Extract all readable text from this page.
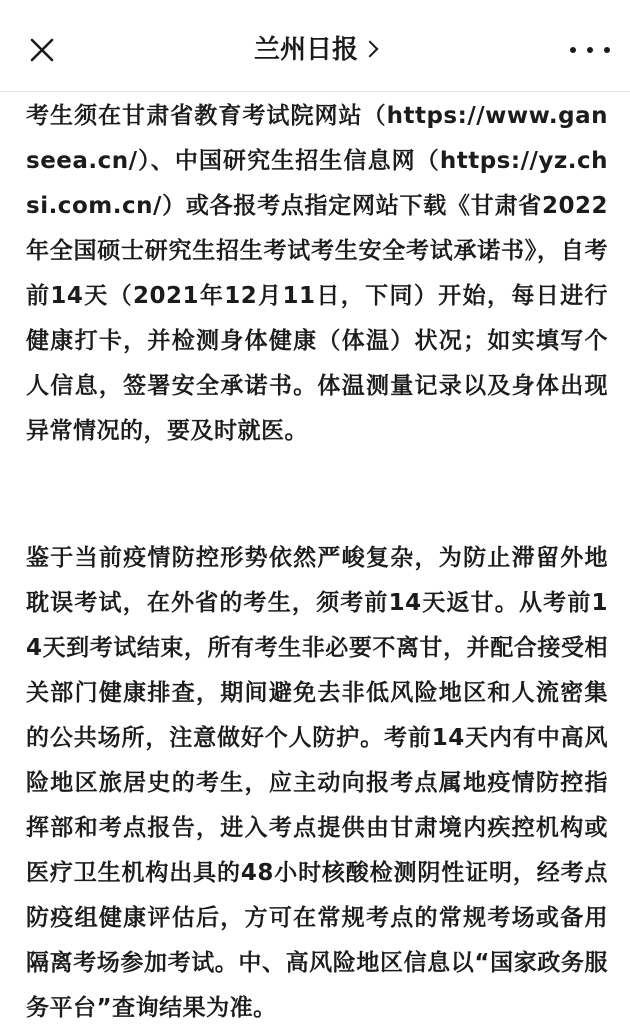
兰州日报

考生须在甘肃省教育考试院网站（https://www.ganseea.cn/）、中国研究生招生信息网（https://yz.chsi.com.cn/）或各报考点指定网站下载《甘肃省2022年全国硕士研究生招生考试考生安全考试承诺书》，自考前14天（2021年12月11日，下同）开始，每日进行健康打卡，并检测身体健康（体温）状况；如实填写个人信息，签署安全承诺书。体温测量记录以及身体出现异常情况的，要及时就医。

鉴于当前疫情防控形势依然严峻复杂，为防止滞留外地耽误考试，在外省的考生，须考前14天返甘。从考前14天到考试结束，所有考生非必要不离甘，并配合接受相关部门健康排查，期间避免去非低风险地区和人流密集的公共场所，注意做好个人防护。考前14天内有中高风险地区旅居史的考生，应主动向报考点属地疫情防控指挥部和考点报告，进入考点提供由甘肃境内疾控机构或医疗卫生机构出具的48小时核酸检测阴性证明，经考点防疫组健康评估后，方可在常规考点的常规考场或备用隔离考场参加考试。中、高风险地区信息以“国家政务服务平台”查询结果为准。
